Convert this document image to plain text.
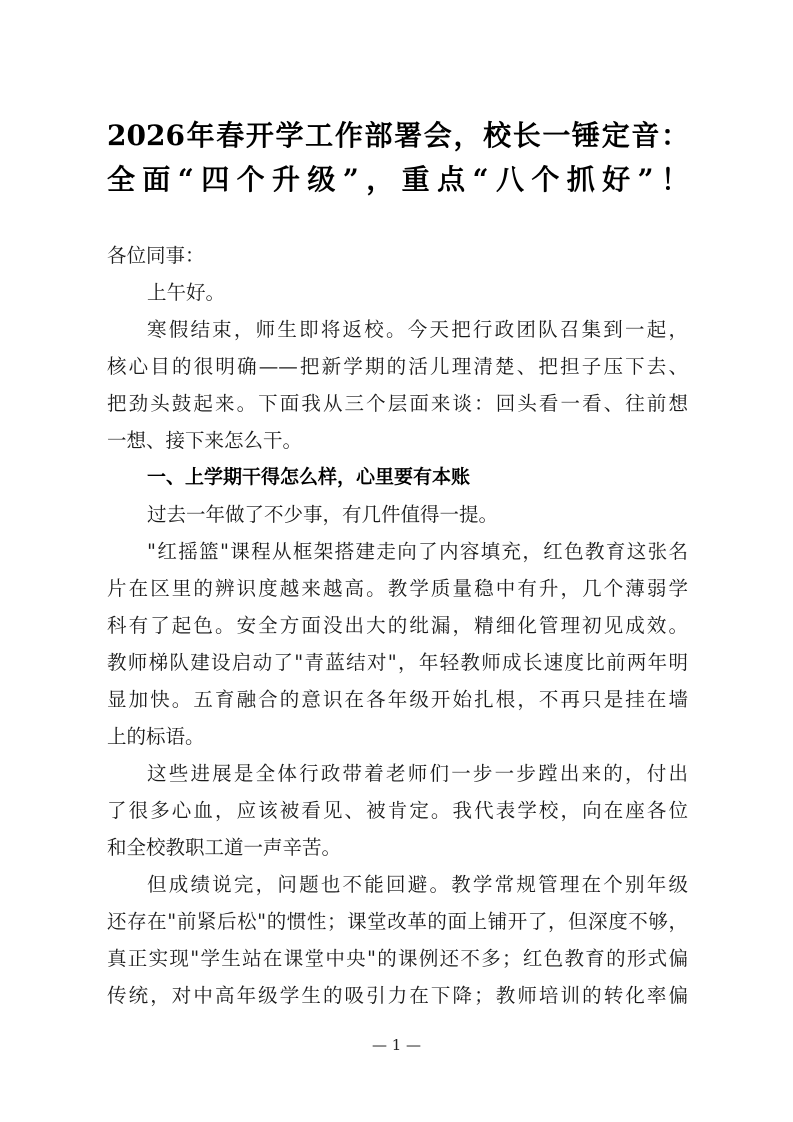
2026年春开学工作部署会，校长一锤定音：
全面“四个升级”，重点“八个抓好”！
各位同事：
上午好。
寒假结束，师生即将返校。今天把行政团队召集到一起，
核心目的很明确——把新学期的活儿理清楚、把担子压下去、
把劲头鼓起来。下面我从三个层面来谈：回头看一看、往前想
一想、接下来怎么干。
一、上学期干得怎么样，心里要有本账
过去一年做了不少事，有几件值得一提。
"红摇篮"课程从框架搭建走向了内容填充，红色教育这张名
片在区里的辨识度越来越高。教学质量稳中有升，几个薄弱学
科有了起色。安全方面没出大的纰漏，精细化管理初见成效。
教师梯队建设启动了"青蓝结对"，年轻教师成长速度比前两年明
显加快。五育融合的意识在各年级开始扎根，不再只是挂在墙
上的标语。
这些进展是全体行政带着老师们一步一步蹚出来的，付出
了很多心血，应该被看见、被肯定。我代表学校，向在座各位
和全校教职工道一声辛苦。
但成绩说完，问题也不能回避。教学常规管理在个别年级
还存在"前紧后松"的惯性；课堂改革的面上铺开了，但深度不够，
真正实现"学生站在课堂中央"的课例还不多；红色教育的形式偏
传统，对中高年级学生的吸引力在下降；教师培训的转化率偏
— 1 —
